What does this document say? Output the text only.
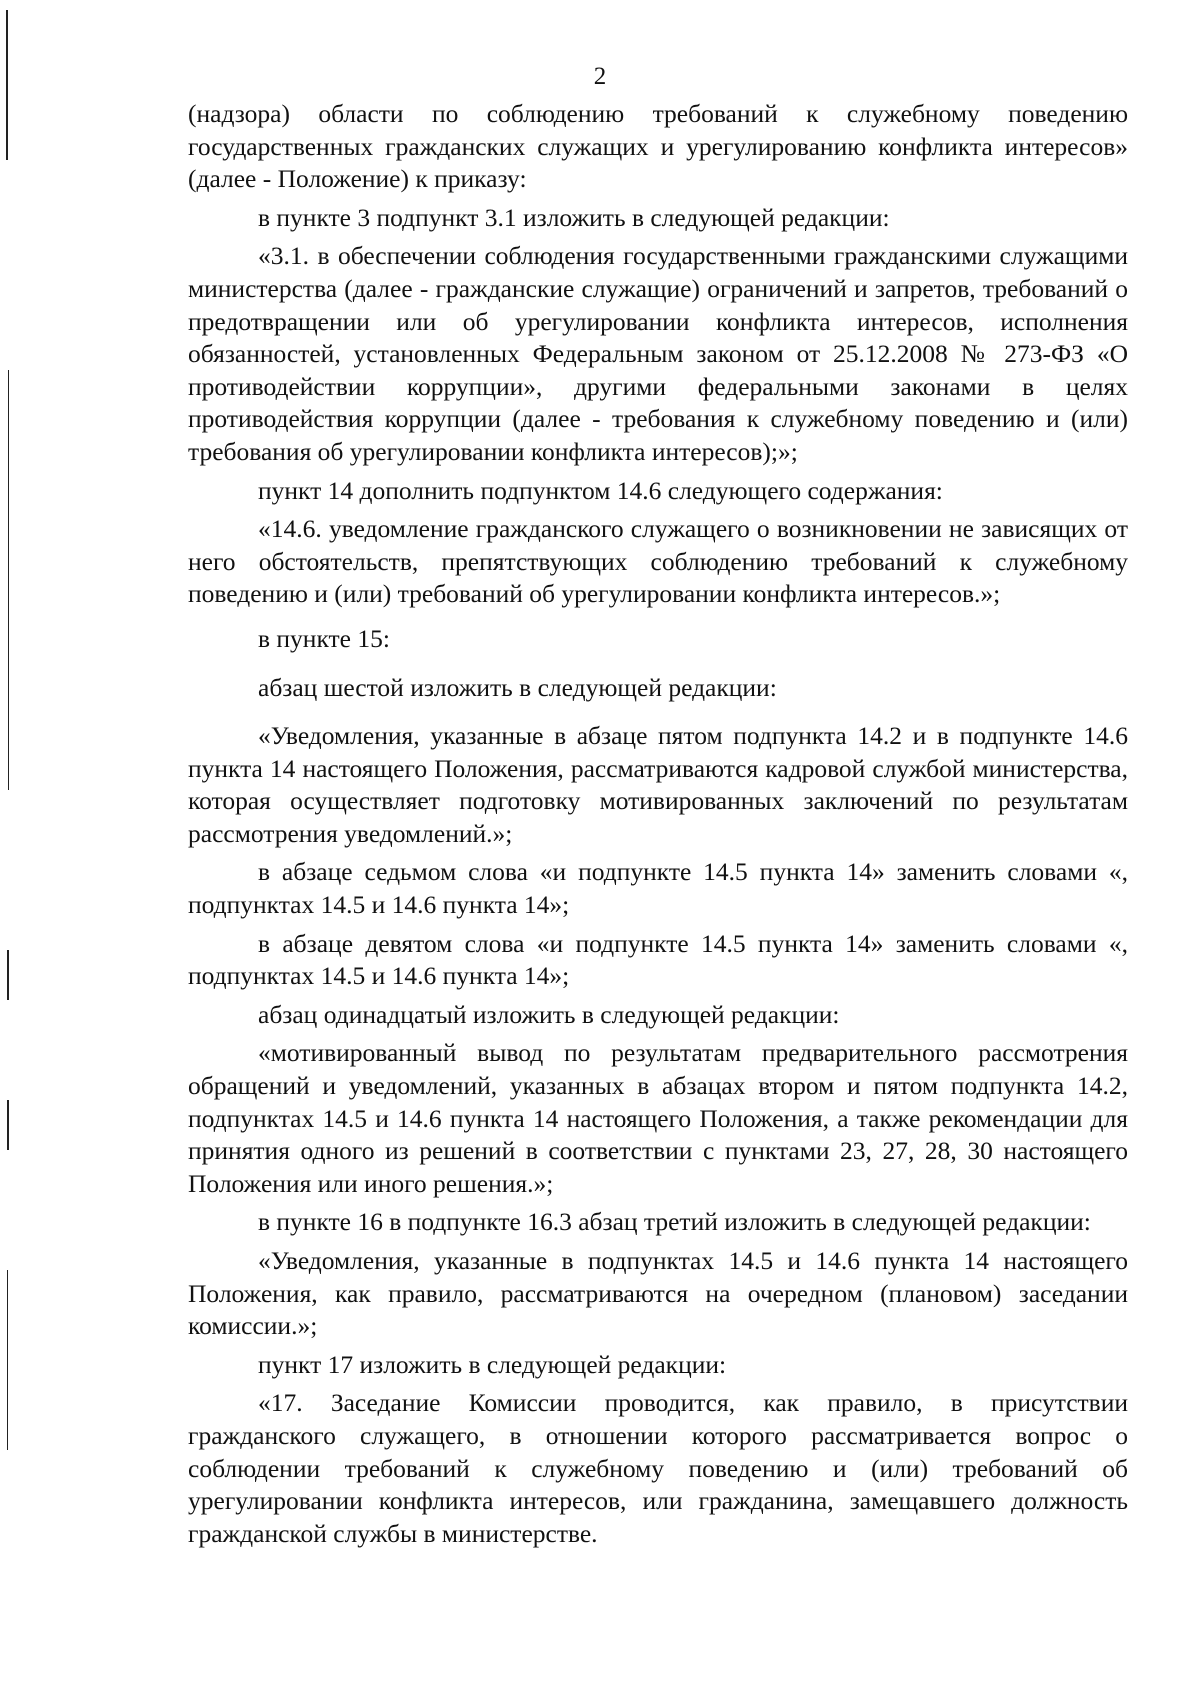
2

(надзора) области по соблюдению требований к служебному поведению государственных гражданских служащих и урегулированию конфликта интересов» (далее - Положение) к приказу:

в пункте 3 подпункт 3.1 изложить в следующей редакции:

«3.1. в обеспечении соблюдения государственными гражданскими служащими министерства (далее - гражданские служащие) ограничений и запретов, требований о предотвращении или об урегулировании конфликта интересов, исполнения обязанностей, установленных Федеральным законом от 25.12.2008 № 273-ФЗ «О противодействии коррупции», другими федеральными законами в целях противодействия коррупции (далее - требования к служебному поведению и (или) требования об урегулировании конфликта интересов);»;

пункт 14 дополнить подпунктом 14.6 следующего содержания:

«14.6. уведомление гражданского служащего о возникновении не зависящих от него обстоятельств, препятствующих соблюдению требований к служебному поведению и (или) требований об урегулировании конфликта интересов.»;

в пункте 15:

абзац шестой изложить в следующей редакции:

«Уведомления, указанные в абзаце пятом подпункта 14.2 и в подпункте 14.6 пункта 14 настоящего Положения, рассматриваются кадровой службой министерства, которая осуществляет подготовку мотивированных заключений по результатам рассмотрения уведомлений.»;

в абзаце седьмом слова «и подпункте 14.5 пункта 14» заменить словами «, подпунктах 14.5 и 14.6 пункта 14»;

в абзаце девятом слова «и подпункте 14.5 пункта 14» заменить словами «, подпунктах 14.5 и 14.6 пункта 14»;

абзац одинадцатый изложить в следующей редакции:

«мотивированный вывод по результатам предварительного рассмотрения обращений и уведомлений, указанных в абзацах втором и пятом подпункта 14.2, подпунктах 14.5 и 14.6 пункта 14 настоящего Положения, а также рекомендации для принятия одного из решений в соответствии с пунктами 23, 27, 28, 30 настоящего Положения или иного решения.»;

в пункте 16 в подпункте 16.3 абзац третий изложить в следующей редакции:

«Уведомления, указанные в подпунктах 14.5 и 14.6 пункта 14 настоящего Положения, как правило, рассматриваются на очередном (плановом) заседании комиссии.»;

пункт 17 изложить в следующей редакции:

«17. Заседание Комиссии проводится, как правило, в присутствии гражданского служащего, в отношении которого рассматривается вопрос о соблюдении требований к служебному поведению и (или) требований об урегулировании конфликта интересов, или гражданина, замещавшего должность гражданской службы в министерстве.
